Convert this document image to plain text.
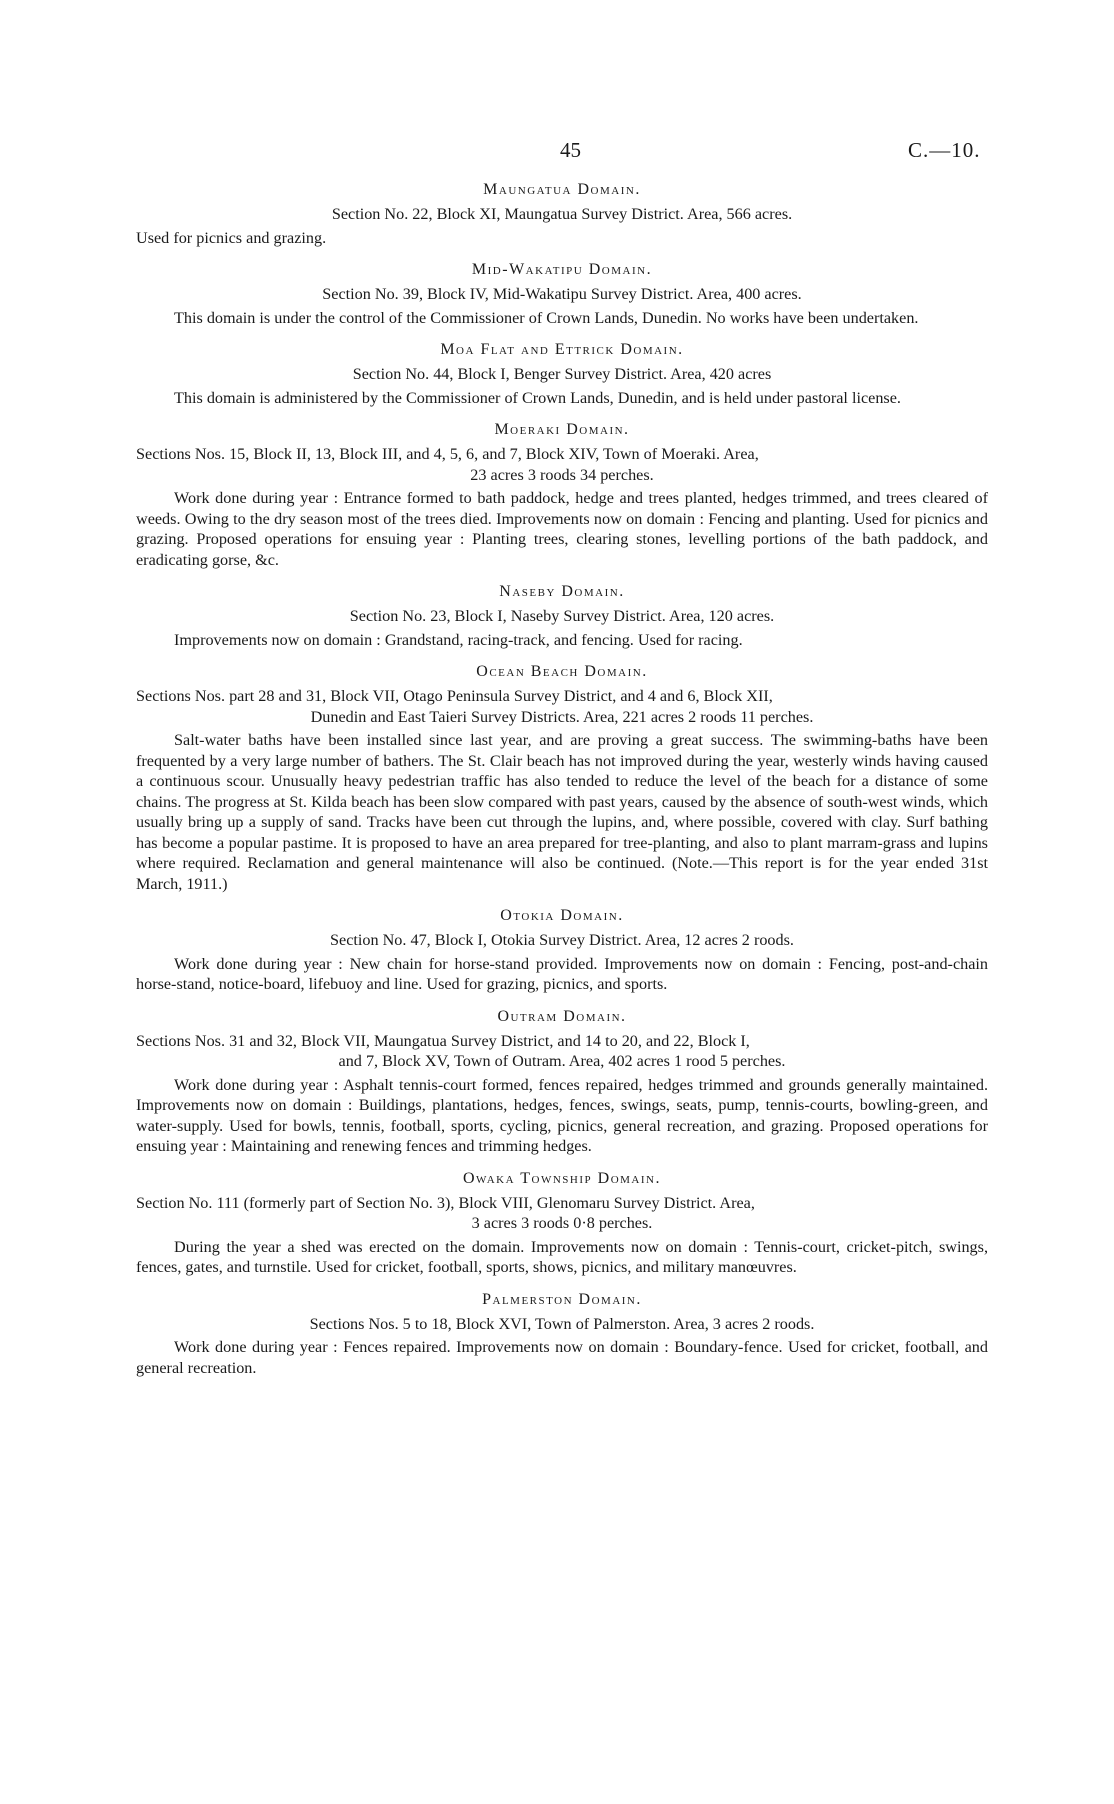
45	C.—10.
Maungatua Domain.

Section No. 22, Block XI, Maungatua Survey District. Area, 566 acres.

Used for picnics and grazing.

Mid-Wakatipu Domain.

Section No. 39, Block IV, Mid-Wakatipu Survey District. Area, 400 acres.

This domain is under the control of the Commissioner of Crown Lands, Dunedin. No works have been undertaken.

Moa Flat and Ettrick Domain.

Section No. 44, Block I, Benger Survey District. Area, 420 acres

This domain is administered by the Commissioner of Crown Lands, Dunedin, and is held under pastoral license.

Moeraki Domain.

Sections Nos. 15, Block II, 13, Block III, and 4, 5, 6, and 7, Block XIV, Town of Moeraki. Area,
23 acres 3 roods 34 perches.

Work done during year : Entrance formed to bath paddock, hedge and trees planted, hedges trimmed, and trees cleared of weeds. Owing to the dry season most of the trees died. Improvements now on domain : Fencing and planting. Used for picnics and grazing. Proposed operations for ensuing year : Planting trees, clearing stones, levelling portions of the bath paddock, and eradicating gorse, &c.

Naseby Domain.

Section No. 23, Block I, Naseby Survey District. Area, 120 acres.

Improvements now on domain : Grandstand, racing-track, and fencing. Used for racing.

Ocean Beach Domain.

Sections Nos. part 28 and 31, Block VII, Otago Peninsula Survey District, and 4 and 6, Block XII,
Dunedin and East Taieri Survey Districts. Area, 221 acres 2 roods 11 perches.

Salt-water baths have been installed since last year, and are proving a great success. The swimming-baths have been frequented by a very large number of bathers. The St. Clair beach has not improved during the year, westerly winds having caused a continuous scour. Unusually heavy pedestrian traffic has also tended to reduce the level of the beach for a distance of some chains. The progress at St. Kilda beach has been slow compared with past years, caused by the absence of south-west winds, which usually bring up a supply of sand. Tracks have been cut through the lupins, and, where possible, covered with clay. Surf bathing has become a popular pastime. It is proposed to have an area prepared for tree-planting, and also to plant marram-grass and lupins where required. Reclamation and general maintenance will also be continued. (Note.—This report is for the year ended 31st March, 1911.)

Otokia Domain.

Section No. 47, Block I, Otokia Survey District. Area, 12 acres 2 roods.

Work done during year : New chain for horse-stand provided. Improvements now on domain : Fencing, post-and-chain horse-stand, notice-board, lifebuoy and line. Used for grazing, picnics, and sports.

Outram Domain.

Sections Nos. 31 and 32, Block VII, Maungatua Survey District, and 14 to 20, and 22, Block I,
and 7, Block XV, Town of Outram. Area, 402 acres 1 rood 5 perches.

Work done during year : Asphalt tennis-court formed, fences repaired, hedges trimmed and grounds generally maintained. Improvements now on domain : Buildings, plantations, hedges, fences, swings, seats, pump, tennis-courts, bowling-green, and water-supply. Used for bowls, tennis, football, sports, cycling, picnics, general recreation, and grazing. Proposed operations for ensuing year : Maintaining and renewing fences and trimming hedges.

Owaka Township Domain.

Section No. 111 (formerly part of Section No. 3), Block VIII, Glenomaru Survey District. Area,
3 acres 3 roods 0·8 perches.

During the year a shed was erected on the domain. Improvements now on domain : Tennis-court, cricket-pitch, swings, fences, gates, and turnstile. Used for cricket, football, sports, shows, picnics, and military manœuvres.

Palmerston Domain.

Sections Nos. 5 to 18, Block XVI, Town of Palmerston. Area, 3 acres 2 roods.

Work done during year : Fences repaired. Improvements now on domain : Boundary-fence. Used for cricket, football, and general recreation.
